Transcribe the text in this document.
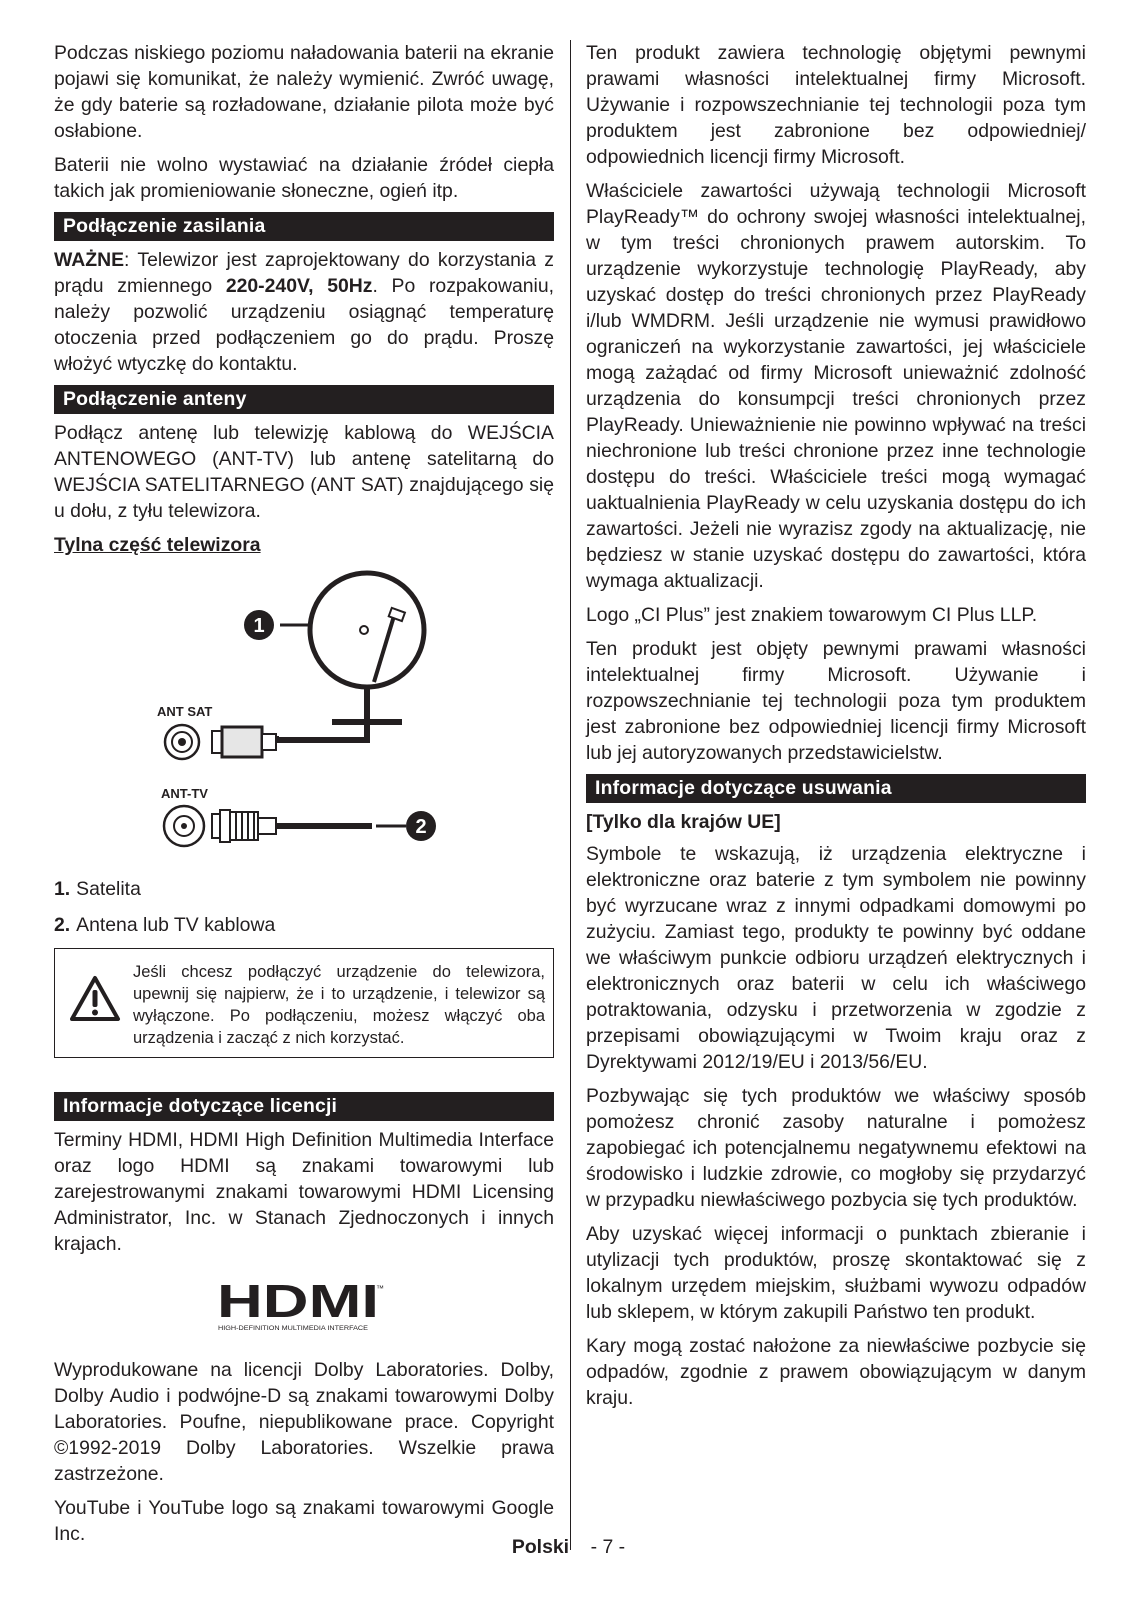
Podczas niskiego poziomu naładowania baterii na ekranie pojawi się komunikat, że należy wymienić. Zwróć uwagę, że gdy baterie są rozładowane, działanie pilota może być osłabione.

Baterii nie wolno wystawiać na działanie źródeł ciepła takich jak promieniowanie słoneczne, ogień itp.

Podłączenie zasilania

WAŻNE: Telewizor jest zaprojektowany do korzystania z prądu zmiennego 220-240V, 50Hz. Po rozpakowaniu, należy pozwolić urządzeniu osiągnąć temperaturę otoczenia przed podłączeniem go do prądu. Proszę włożyć wtyczkę do kontaktu.

Podłączenie anteny

Podłącz antenę lub telewizję kablową do WEJŚCIA ANTENOWEGO (ANT-TV) lub antenę satelitarną do WEJŚCIA SATELITARNEGO (ANT SAT) znajdującego się u dołu, z tyłu telewizora.

Tylna część telewizora
1
ANT SAT
ANT-TV
2
1. Satelita
2. Antena lub TV kablowa
Jeśli chcesz podłączyć urządzenie do telewizora, upewnij się najpierw, że i to urządzenie, i telewizor są wyłączone. Po podłączeniu, możesz włączyć oba urządzenia i zacząć z nich korzystać.
Informacje dotyczące licencji

Terminy HDMI, HDMI High Definition Multimedia Interface oraz logo HDMI są znakami towarowymi lub zarejestrowanymi znakami towarowymi HDMI Licensing Administrator, Inc. w Stanach Zjednoczonych i innych krajach.

HDMI
™
HIGH-DEFINITION MULTIMEDIA INTERFACE

Wyprodukowane na licencji Dolby Laboratories. Dolby, Dolby Audio i podwójne-D są znakami towarowymi Dolby Laboratories. Poufne, niepublikowane prace. Copyright ©1992-2019 Dolby Laboratories. Wszelkie prawa zastrzeżone.

YouTube i YouTube logo są znakami towarowymi Google Inc.

Ten produkt zawiera technologię objętymi pewnymi prawami własności intelektualnej firmy Microsoft. Używanie i rozpowszechnianie tej technologii poza tym produktem jest zabronione bez odpowiedniej/ odpowiednich licencji firmy Microsoft.

Właściciele zawartości używają technologii Microsoft PlayReady™ do ochrony swojej własności intelektualnej, w tym treści chronionych prawem autorskim. To urządzenie wykorzystuje technologię PlayReady, aby uzyskać dostęp do treści chronionych przez PlayReady i/lub WMDRM. Jeśli urządzenie nie wymusi prawidłowo ograniczeń na wykorzystanie zawartości, jej właściciele mogą zażądać od firmy Microsoft unieważnić zdolność urządzenia do konsumpcji treści chronionych przez PlayReady. Unieważnienie nie powinno wpływać na treści niechronione lub treści chronione przez inne technologie dostępu do treści. Właściciele treści mogą wymagać uaktualnienia PlayReady w celu uzyskania dostępu do ich zawartości. Jeżeli nie wyrazisz zgody na aktualizację, nie będziesz w stanie uzyskać dostępu do zawartości, która wymaga aktualizacji.

Logo „CI Plus” jest znakiem towarowym CI Plus LLP.

Ten produkt jest objęty pewnymi prawami własności intelektualnej firmy Microsoft. Używanie i rozpowszechnianie tej technologii poza tym produktem jest zabronione bez odpowiedniej licencji firmy Microsoft lub jej autoryzowanych przedstawicielstw.

Informacje dotyczące usuwania
[Tylko dla krajów UE]

Symbole te wskazują, iż urządzenia elektryczne i elektroniczne oraz baterie z tym symbolem nie powinny być wyrzucane wraz z innymi odpadkami domowymi po zużyciu. Zamiast tego, produkty te powinny być oddane we właściwym punkcie odbioru urządzeń elektrycznych i elektronicznych oraz baterii w celu ich właściwego potraktowania, odzysku i przetworzenia w zgodzie z przepisami obowiązującymi w Twoim kraju oraz z Dyrektywami 2012/19/EU i 2013/56/EU.

Pozbywając się tych produktów we właściwy sposób pomożesz chronić zasoby naturalne i pomożesz zapobiegać ich potencjalnemu negatywnemu efektowi na środowisko i ludzkie zdrowie, co mogłoby się przydarzyć w przypadku niewłaściwego pozbycia się tych produktów.

Aby uzyskać więcej informacji o punktach zbieranie i utylizacji tych produktów, proszę skontaktować się z lokalnym urzędem miejskim, służbami wywozu odpadów lub sklepem, w którym zakupili Państwo ten produkt.

Kary mogą zostać nałożone za niewłaściwe pozbycie się odpadów, zgodnie z prawem obowiązującym w danym kraju.

Polski - 7 -
